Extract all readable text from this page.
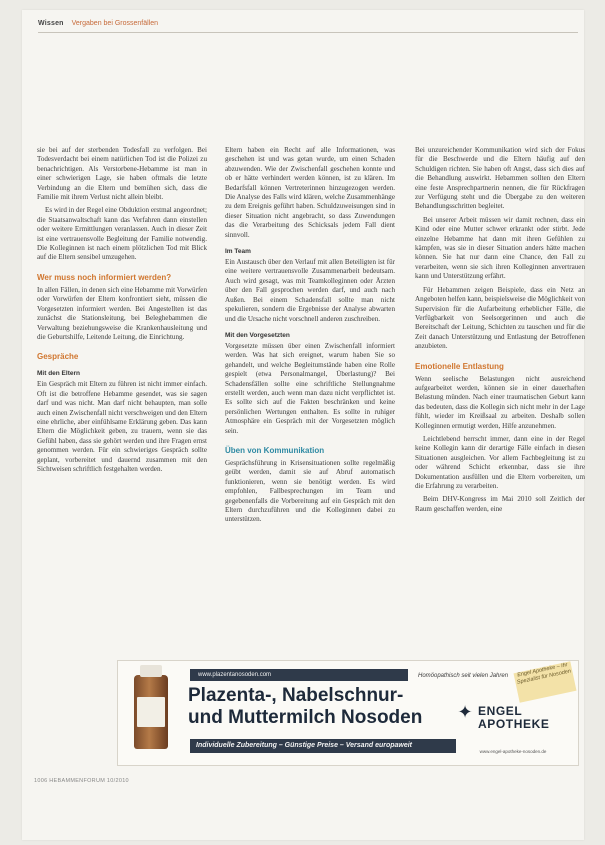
Wissen Vergaben bei Grossenfällen

sie bei auf der sterbenden Todesfall zu verfolgen. Bei Todesverdacht bei einem natürlichen Tod ist die Polizei zu benachrichtigen. Als Verstorbene-Hebamme ist man in einer schwierigen Lage, sie haben oftmals die letzte Verbindung an die Eltern und bemühen sich, dass die Familie mit ihrem Verlust nicht allein bleibt.

Es wird in der Regel eine Obduktion erstmal angeordnet; die Staatsanwaltschaft kann das Verfahren dann einstellen oder weitere Ermittlungen veranlassen. Auch in dieser Zeit ist eine vertrauensvolle Begleitung der Familie notwendig. Die Kolleginnen ist nach einem plötzlichen Tod mit Blick auf die Eltern sensibel umzugehen.

Wer muss noch informiert werden?

In allen Fällen, in denen sich eine Hebamme mit Vorwürfen oder Vorwürfen der Eltern konfrontiert sieht, müssen die Vorgesetzten informiert werden. Bei Angestellten ist das zunächst die Stationsleitung, bei Beleghebammen die Verwaltung beziehungsweise die Krankenhausleitung und die Geburtshilfe, Leitende Leitung, die Einrichtung.

Gespräche
Mit den Eltern

Ein Gespräch mit Eltern zu führen ist nicht immer einfach. Oft ist die betroffene Hebamme gesendet, was sie sagen darf und was nicht. Man darf nicht behaupten, man solle auch einen Zwischenfall nicht verschweigen und den Eltern eine ehrliche, aber einfühlsame Erklärung geben. Das kann Eltern die Möglichkeit geben, zu trauern, wenn sie das Gefühl haben, dass sie gehört werden und ihre Fragen ernst genommen werden. Für ein schwieriges Gespräch sollte geplant, vorbereitet und dauernd zusammen mit den Sichtweisen schriftlich festgehalten werden.

Eltern haben ein Recht auf alle Informationen, was geschehen ist und was getan wurde, um einen Schaden abzuwenden. Wie der Zwischenfall geschehen konnte und ob er hätte verhindert werden können, ist zu klären. Im Bedarfsfall können Vertreterinnen hinzugezogen werden. Die Analyse des Falls wird klären, welche Zusammenhänge zu dem Ereignis geführt haben. Schuldzuweisungen sind in dieser Situation nicht angebracht, so dass Zuwendungen das die Verarbeitung des Schicksals jedem Fall dient sinnvoll.

Im Team

Ein Austausch über den Verlauf mit allen Beteiligten ist für eine weitere vertrauensvolle Zusammenarbeit bedeutsam. Auch wird gesagt, was mit Teamkolleginnen oder Ärzten über den Fall gesprochen werden darf, und auch nach Außen. Bei einem Schadensfall sollte man nicht spekulieren, sondern die Ergebnisse der Analyse abwarten und die Ursache nicht vorschnell anderen zuschreiben.

Mit den Vorgesetzten

Vorgesetzte müssen über einen Zwischenfall informiert werden. Was hat sich ereignet, warum haben Sie so gehandelt, und welche Begleitumstände haben eine Rolle gespielt (etwa Personalmangel, Überlastung)? Bei Schadensfällen sollte eine schriftliche Stellungnahme erstellt werden, auch wenn man dazu nicht verpflichtet ist. Es sollte sich auf die Fakten beschränken und keine persönlichen Wertungen enthalten. Es sollte in ruhiger Atmosphäre ein Gespräch mit der Vorgesetzten möglich sein.

Üben von Kommunikation

Gesprächsführung in Krisensituationen sollte regelmäßig geübt werden, damit sie auf Abruf automatisch funktionieren, wenn sie benötigt werden. Es wird empfohlen, Fallbesprechungen im Team und gegebenenfalls die Vorbereitung auf ein Gespräch mit den Eltern durchzuführen und die Kolleginnen dabei zu unterstützen.

Bei unzureichender Kommunikation wird sich der Fokus für die Beschwerde und die Eltern häufig auf den Schuldigen richten. Sie haben oft Angst, dass sich dies auf die Behandlung auswirkt. Hebammen sollten den Eltern eine feste Ansprechpartnerin nennen, die für Rückfragen zur Verfügung steht und die Übergabe zu den weiteren Behandlungsschritten begleitet.

Bei unserer Arbeit müssen wir damit rechnen, dass ein Kind oder eine Mutter schwer erkrankt oder stirbt. Jede einzelne Hebamme hat dann mit ihren Gefühlen zu kämpfen, was sie in dieser Situation anders hätte machen können. Sie hat nur dann eine Chance, den Fall zu verarbeiten, wenn sie sich ihren Kolleginnen anvertrauen kann und Unterstützung erfährt.

Für Hebammen zeigen Beispiele, dass ein Netz an Angeboten helfen kann, beispielsweise die Möglichkeit von Supervision für die Aufarbeitung erheblicher Fälle, die Verfügbarkeit von Seelsorgerinnen und auch die Bereitschaft der Leitung, Schichten zu tauschen und für die Zeit danach Unterstützung und Entlastung der Betroffenen anzubieten.

Emotionelle Entlastung

Wenn seelische Belastungen nicht ausreichend aufgearbeitet werden, können sie in einer dauerhaften Belastung münden. Nach einer traumatischen Geburt kann das bedeuten, dass die Kollegin sich nicht mehr in der Lage fühlt, wieder im Kreißsaal zu arbeiten. Deshalb sollen Kolleginnen ermutigt werden, Hilfe anzunehmen.

Leichtlebend herrscht immer, dann eine in der Regel keine Kollegin kann dir derartige Fälle einfach in diesen Situationen ausgleichen. Vor allem Fachbegleitung ist zu oder während Schicht erkennbar, dass sie ihre Dokumentation ausfüllen und die Eltern vorbereiten, um die Erfahrung zu verarbeiten.

Beim DHV-Kongress im Mai 2010 soll Zeitlich der Raum geschaffen werden, eine

www.plazentanosoden.com
Plazenta-, Nabelschnur-
und Muttermilch Nosoden
Individuelle Zubereitung – Günstige Preise – Versand europaweit
Homöopathisch seit vielen Jahren	Engel Apotheke – Ihr Spezialist für Nosoden
✦ ENGEL
APOTHEKE
www.engel-apotheke-nosoden.de
1006 HEBAMMENFORUM 10/2010
